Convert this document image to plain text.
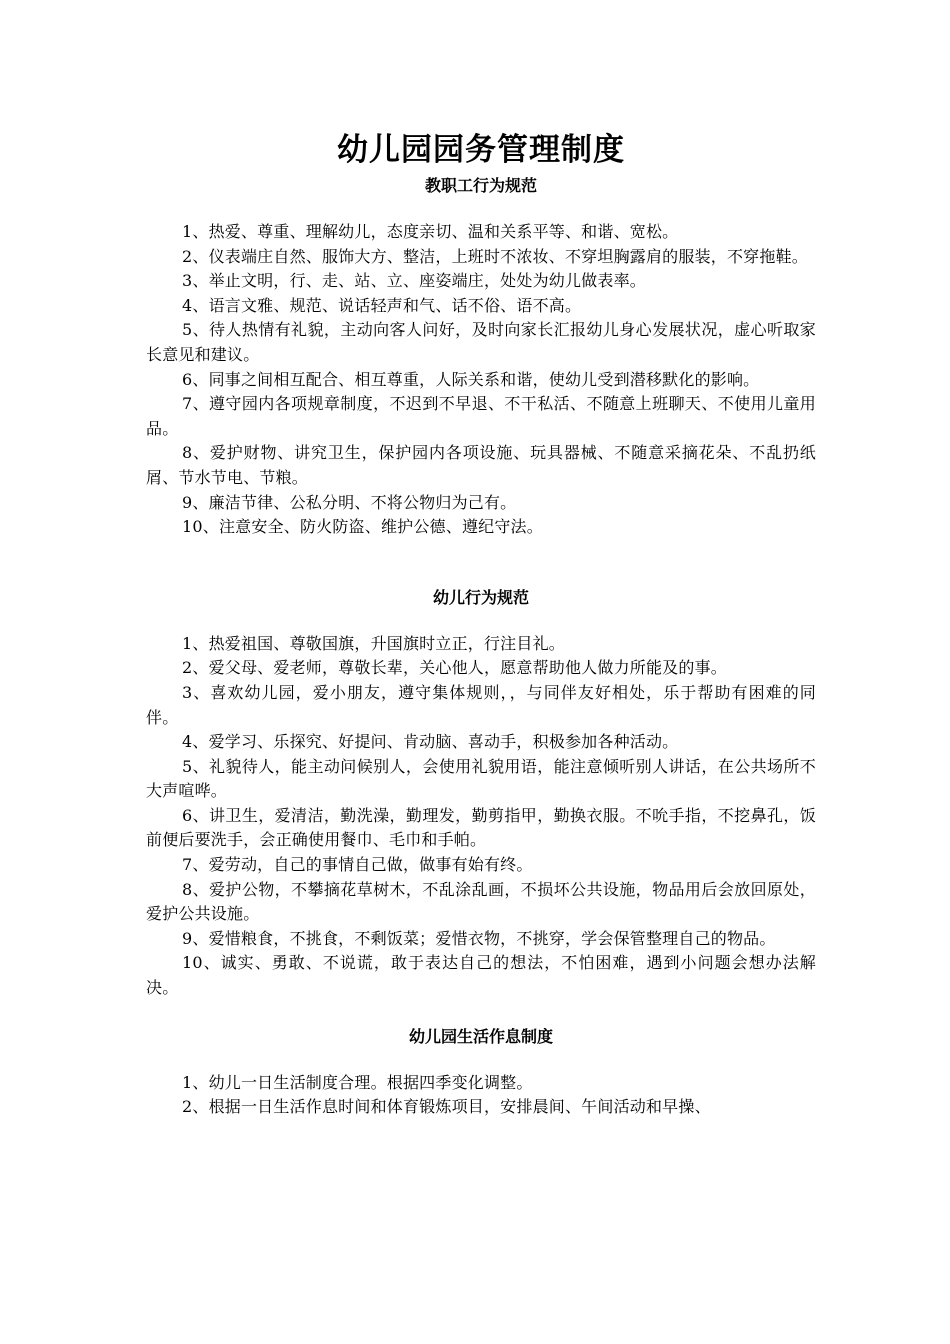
幼儿园园务管理制度
教职工行为规范

1、热爱、尊重、理解幼儿，态度亲切、温和关系平等、和谐、宽松。

2、仪表端庄自然、服饰大方、整洁，上班时不浓妆、不穿坦胸露肩的服装，不穿拖鞋。

3、举止文明，行、走、站、立、座姿端庄，处处为幼儿做表率。

4、语言文雅、规范、说话轻声和气、话不俗、语不高。

5、待人热情有礼貌，主动向客人问好，及时向家长汇报幼儿身心发展状况，虚心听取家长意见和建议。

6、同事之间相互配合、相互尊重，人际关系和谐，使幼儿受到潜移默化的影响。

7、遵守园内各项规章制度，不迟到不早退、不干私活、不随意上班聊天、不使用儿童用品。

8、爱护财物、讲究卫生，保护园内各项设施、玩具器械、不随意采摘花朵、不乱扔纸屑、节水节电、节粮。

9、廉洁节律、公私分明、不将公物归为己有。

10、注意安全、防火防盗、维护公德、遵纪守法。

幼儿行为规范

1、热爱祖国、尊敬国旗，升国旗时立正，行注目礼。

2、爱父母、爱老师，尊敬长辈，关心他人，愿意帮助他人做力所能及的事。

3、喜欢幼儿园，爱小朋友，遵守集体规则，，与同伴友好相处，乐于帮助有困难的同伴。

4、爱学习、乐探究、好提问、肯动脑、喜动手，积极参加各种活动。

5、礼貌待人，能主动问候别人，会使用礼貌用语，能注意倾听别人讲话，在公共场所不大声喧哗。

6、讲卫生，爱清洁，勤洗澡，勤理发，勤剪指甲，勤换衣服。不吮手指，不挖鼻孔，饭前便后要洗手，会正确使用餐巾、毛巾和手帕。

7、爱劳动，自己的事情自己做，做事有始有终。

8、爱护公物，不攀摘花草树木，不乱涂乱画，不损坏公共设施，物品用后会放回原处，爱护公共设施。

9、爱惜粮食，不挑食，不剩饭菜；爱惜衣物，不挑穿，学会保管整理自己的物品。

10、诚实、勇敢、不说谎，敢于表达自己的想法，不怕困难，遇到小问题会想办法解决。

幼儿园生活作息制度

1、幼儿一日生活制度合理。根据四季变化调整。

2、根据一日生活作息时间和体育锻炼项目，安排晨间、午间活动和早操、
